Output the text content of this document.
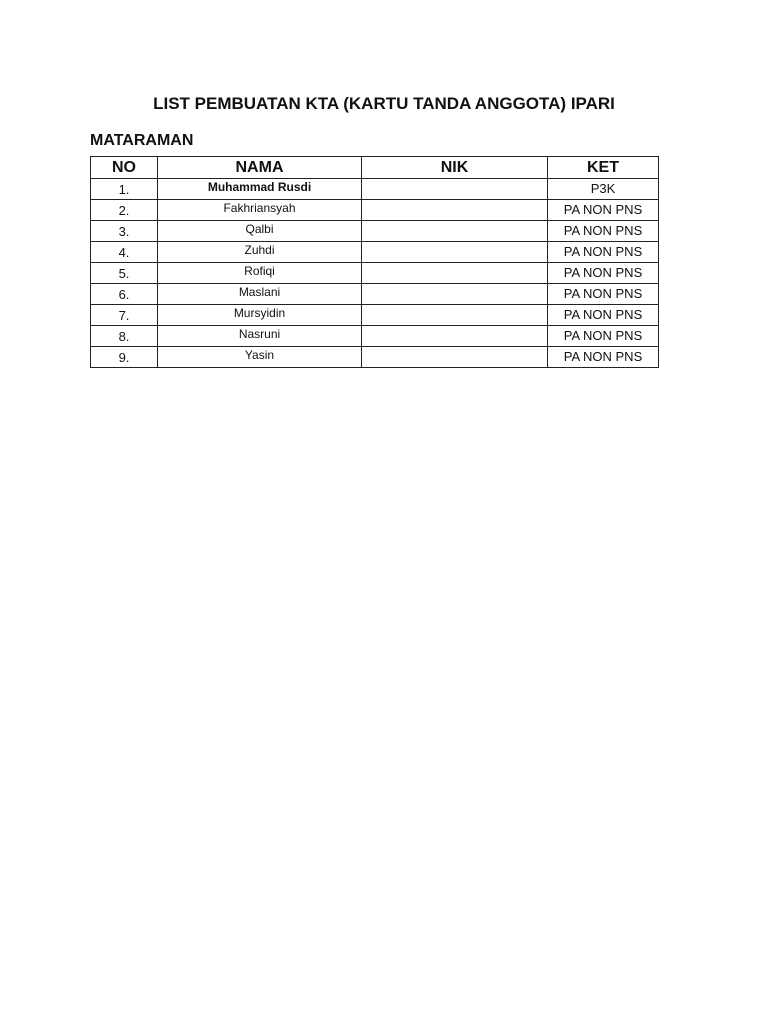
LIST PEMBUATAN KTA (KARTU TANDA ANGGOTA) IPARI
MATARAMAN
NO	NAMA	NIK	KET
1.	Muhammad Rusdi		P3K
2.	Fakhriansyah		PA NON PNS
3.	Qalbi		PA NON PNS
4.	Zuhdi		PA NON PNS
5.	Rofiqi		PA NON PNS
6.	Maslani		PA NON PNS
7.	Mursyidin		PA NON PNS
8.	Nasruni		PA NON PNS
9.	Yasin		PA NON PNS
